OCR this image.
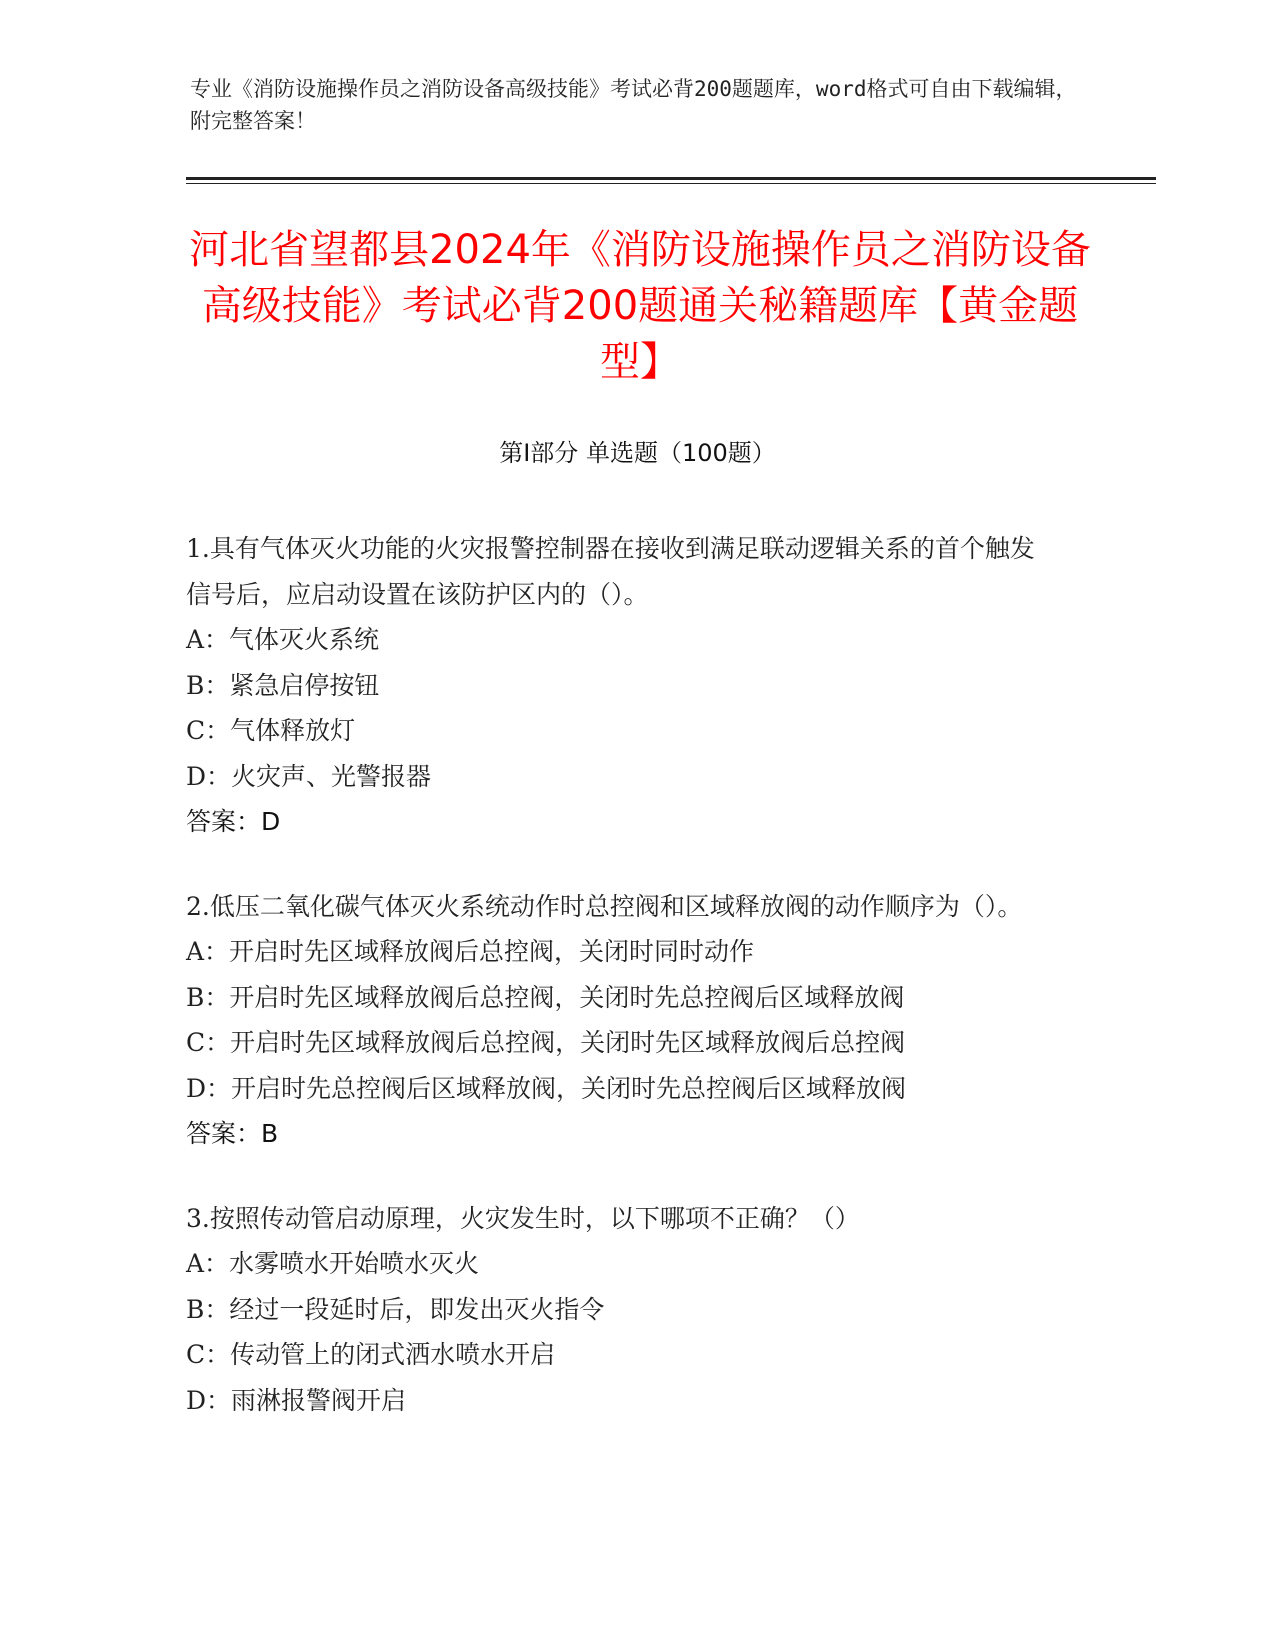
专业《消防设施操作员之消防设备高级技能》考试必背200题题库，word格式可自由下载编辑，附完整答案！
河北省望都县2024年《消防设施操作员之消防设备高级技能》考试必背200题通关秘籍题库【黄金题型】
第I部分 单选题（100题）
1.具有气体灭火功能的火灾报警控制器在接收到满足联动逻辑关系的首个触发信号后，应启动设置在该防护区内的（）。
A：气体灭火系统
B：紧急启停按钮
C：气体释放灯
D：火灾声、光警报器
答案：D
2.低压二氧化碳气体灭火系统动作时总控阀和区域释放阀的动作顺序为（）。
A：开启时先区域释放阀后总控阀，关闭时同时动作
B：开启时先区域释放阀后总控阀，关闭时先总控阀后区域释放阀
C：开启时先区域释放阀后总控阀，关闭时先区域释放阀后总控阀
D：开启时先总控阀后区域释放阀，关闭时先总控阀后区域释放阀
答案：B
3.按照传动管启动原理，火灾发生时，以下哪项不正确？（）
A：水雾喷水开始喷水灭火
B：经过一段延时后，即发出灭火指令
C：传动管上的闭式洒水喷水开启
D：雨淋报警阀开启
